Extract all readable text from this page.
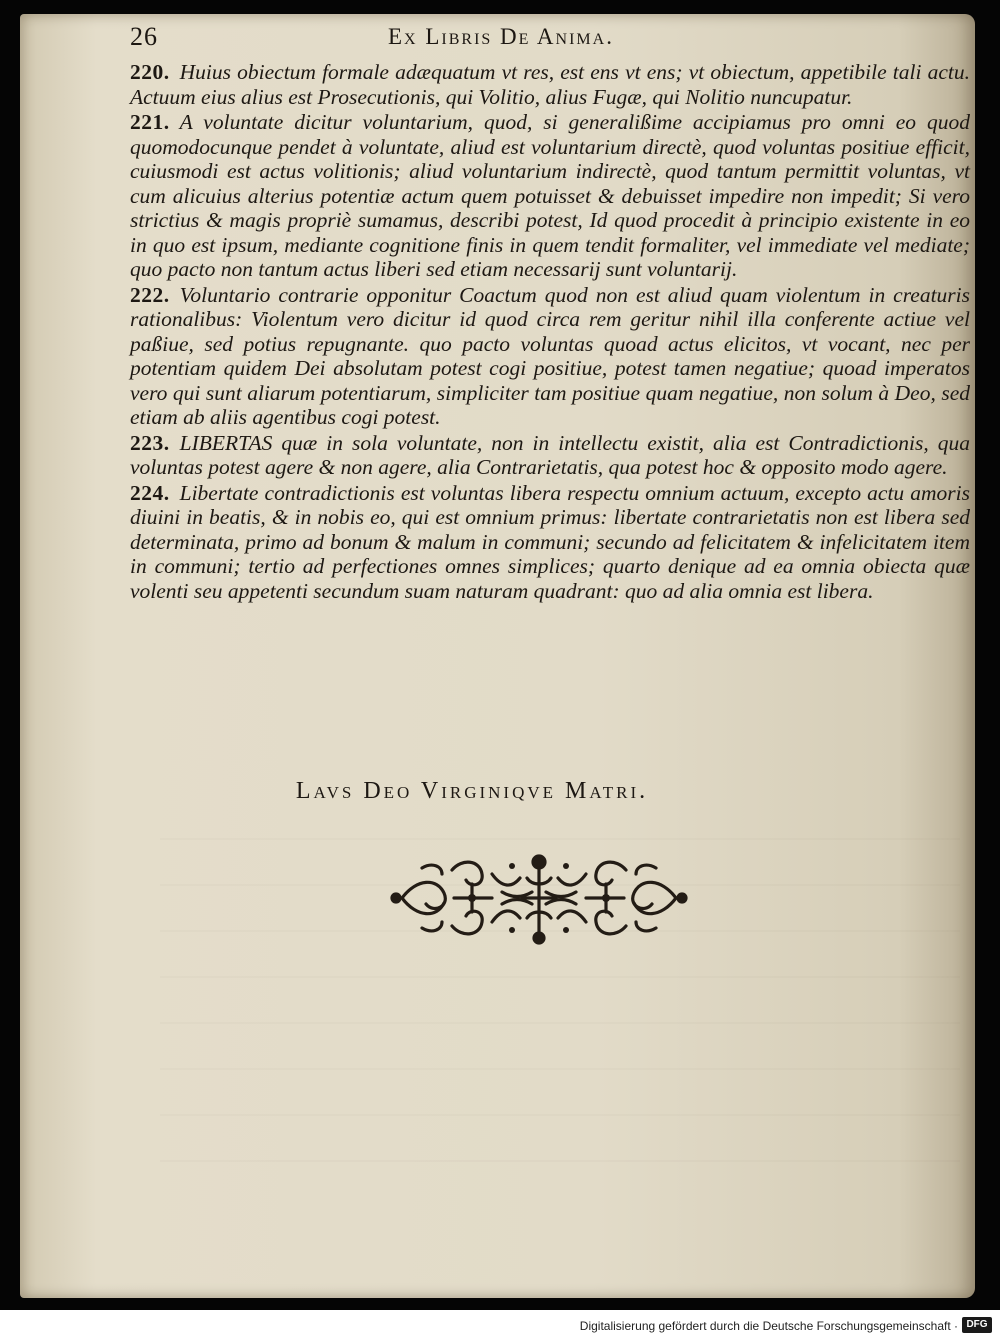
26	Ex Libris De Anima.

220. Huius obiectum formale adæquatum vt res, est ens vt ens; vt obiectum, appetibile tali actu. Actuum eius alius est Prosecutionis, qui Volitio, alius Fugæ, qui Nolitio nuncupatur.

221. A voluntate dicitur voluntarium, quod, si generalißime accipiamus pro omni eo quod quomodocunque pendet à voluntate, aliud est voluntarium directè, quod voluntas positiue efficit, cuiusmodi est actus volitionis; aliud voluntarium indirectè, quod tantum permittit voluntas, vt cum alicuius alterius potentiæ actum quem potuisset & debuisset impedire non impedit; Si vero strictius & magis propriè sumamus, describi potest, Id quod procedit à principio existente in eo in quo est ipsum, mediante cognitione finis in quem tendit formaliter, vel immediate vel mediate; quo pacto non tantum actus liberi sed etiam necessarij sunt voluntarij.

222. Voluntario contrarie opponitur Coactum quod non est aliud quam violentum in creaturis rationalibus: Violentum vero dicitur id quod circa rem geritur nihil illa conferente actiue vel paßiue, sed potius repugnante. quo pacto voluntas quoad actus elicitos, vt vocant, nec per potentiam quidem Dei absolutam potest cogi positiue, potest tamen negatiue; quoad imperatos vero qui sunt aliarum potentiarum, simpliciter tam positiue quam negatiue, non solum à Deo, sed etiam ab aliis agentibus cogi potest.

223. LIBERTAS quæ in sola voluntate, non in intellectu existit, alia est Contradictionis, qua voluntas potest agere & non agere, alia Contrarietatis, qua potest hoc & opposito modo agere.

224. Libertate contradictionis est voluntas libera respectu omnium actuum, excepto actu amoris diuini in beatis, & in nobis eo, qui est omnium primus: libertate contrarietatis non est libera sed determinata, primo ad bonum & malum in communi; secundo ad felicitatem & infelicitatem item in communi; tertio ad perfectiones omnes simplices; quarto denique ad ea omnia obiecta quæ volenti seu appetenti secundum suam naturam quadrant: quo ad alia omnia est libera.

Lavs Deo Virginiqve Matri.
Digitalisierung gefördert durch die Deutsche Forschungsgemeinschaft · DFG
